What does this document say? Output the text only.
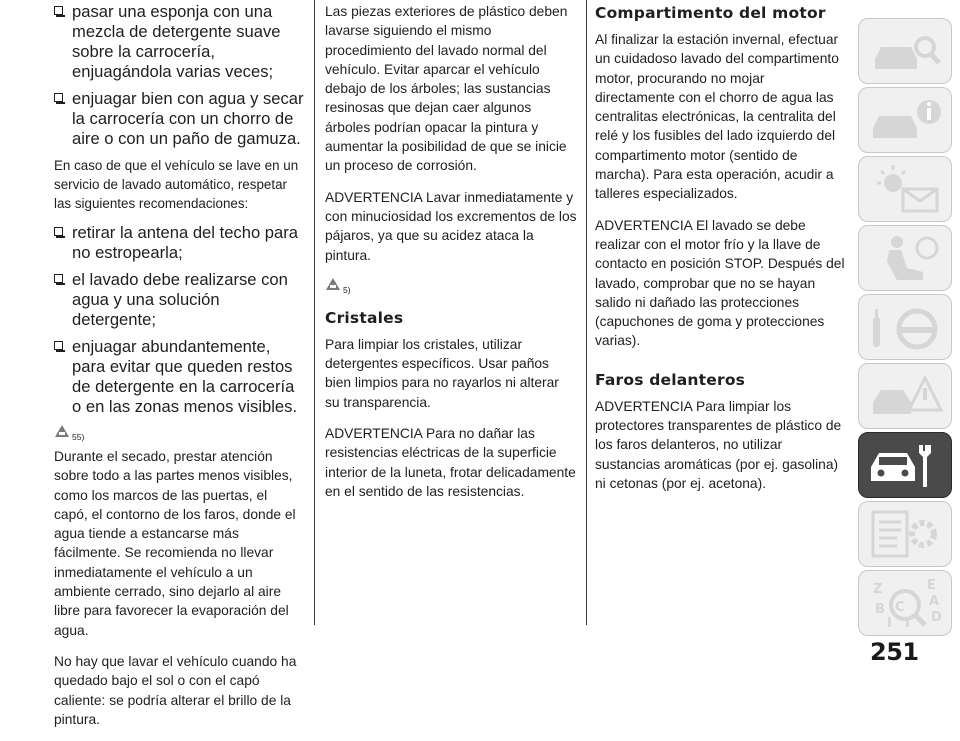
pasar una esponja con una mezcla de detergente suave sobre la carrocería, enjuagándola varias veces;
enjuagar bien con agua y secar la carrocería con un chorro de aire o con un paño de gamuza.

En caso de que el vehículo se lave en un servicio de lavado automático, respetar las siguientes recomendaciones:

retirar la antena del techo para no estropearla;
el lavado debe realizarse con agua y una solución detergente;
enjuagar abundantemente, para evitar que queden restos de detergente en la carrocería o en las zonas menos visibles.
55)

Durante el secado, prestar atención sobre todo a las partes menos visibles, como los marcos de las puertas, el capó, el contorno de los faros, donde el agua tiende a estancarse más fácilmente. Se recomienda no llevar inmediatamente el vehículo a un ambiente cerrado, sino dejarlo al aire libre para favorecer la evaporación del agua.

No hay que lavar el vehículo cuando ha quedado bajo el sol o con el capó caliente: se podría alterar el brillo de la pintura.

Las piezas exteriores de plástico deben lavarse siguiendo el mismo procedimiento del lavado normal del vehículo. Evitar aparcar el vehículo debajo de los árboles; las sustancias resinosas que dejan caer algunos árboles podrían opacar la pintura y aumentar la posibilidad de que se inicie un proceso de corrosión.

ADVERTENCIA Lavar inmediatamente y con minuciosidad los excrementos de los pájaros, ya que su acidez ataca la pintura.

5)
Cristales

Para limpiar los cristales, utilizar detergentes específicos. Usar paños bien limpios para no rayarlos ni alterar su transparencia.

ADVERTENCIA Para no dañar las resistencias eléctricas de la superficie interior de la luneta, frotar delicadamente en el sentido de las resistencias.

Compartimento del motor

Al finalizar la estación invernal, efectuar un cuidadoso lavado del compartimento motor, procurando no mojar directamente con el chorro de agua las centralitas electrónicas, la centralita del relé y los fusibles del lado izquierdo del compartimento motor (sentido de marcha). Para esta operación, acudir a talleres especializados.

ADVERTENCIA El lavado se debe realizar con el motor frío y la llave de contacto en posición STOP. Después del lavado, comprobar que no se hayan salido ni dañado las protecciones (capuchones de goma y protecciones varias).

Faros delanteros

ADVERTENCIA Para limpiar los protectores transparentes de plástico de los faros delanteros, no utilizar sustancias aromáticas (por ej. gasolina) ni cetonas (por ej. acetona).

Z	E
A
B C
T D
I
251
